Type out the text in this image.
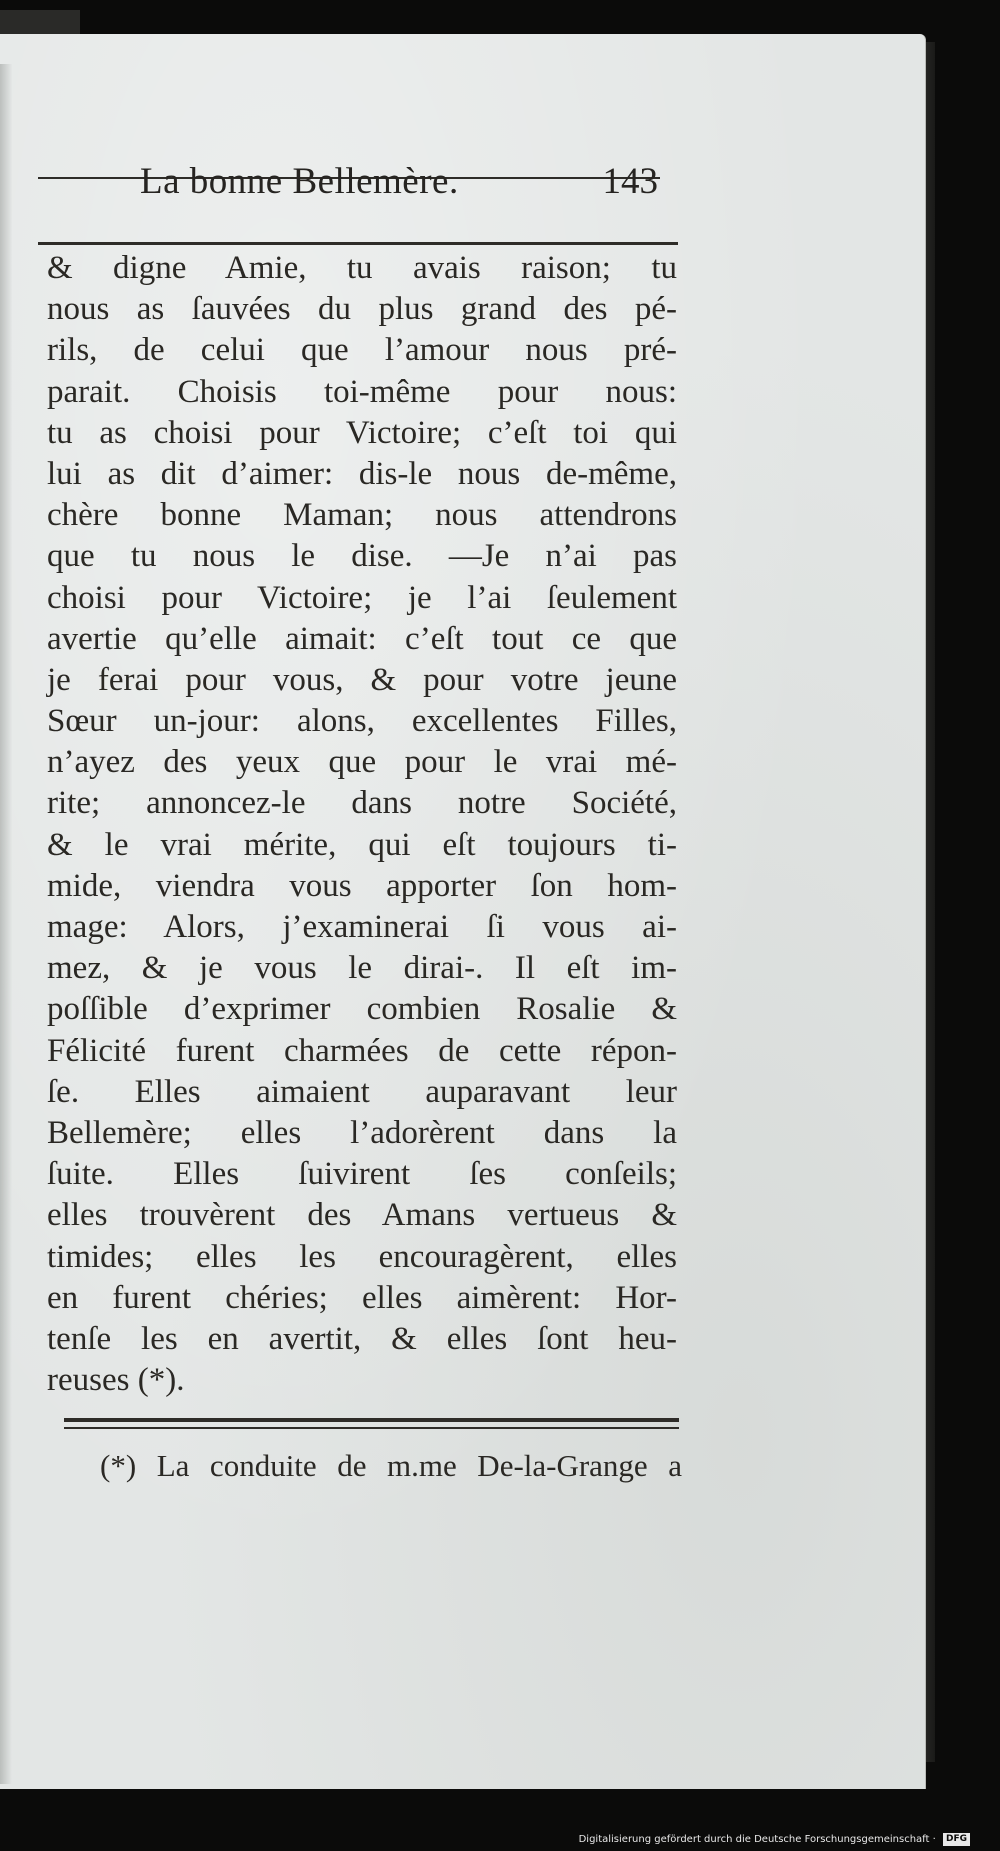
La bonne Bellemère.	143
& digne Amie, tu avais raison; tu
nous as ſauvées du plus grand des pé-
rils, de celui que l’amour nous pré-
parait. Choisis toi-même pour nous:
tu as choisi pour Victoire; c’eſt toi qui
lui as dit d’aimer: dis-le nous de-même,
chère bonne Maman; nous attendrons
que tu nous le dise. —Je n’ai pas
choisi pour Victoire; je l’ai ſeulement
avertie qu’elle aimait: c’eſt tout ce que
je ferai pour vous, & pour votre jeune
Sœur un-jour: alons, excellentes Filles,
n’ayez des yeux que pour le vrai mé-
rite; annoncez-le dans notre Société,
& le vrai mérite, qui eſt toujours ti-
mide, viendra vous apporter ſon hom-
mage: Alors, j’examinerai ſi vous ai-
mez, & je vous le dirai-. Il eſt im-
poſſible d’exprimer combien Rosalie &
Félicité furent charmées de cette répon-
ſe. Elles aimaient auparavant leur
Bellemère; elles l’adorèrent dans la
ſuite. Elles ſuivirent ſes conſeils;
elles trouvèrent des Amans vertueus &
timides; elles les encouragèrent, elles
en furent chéries; elles aimèrent: Hor-
tenſe les en avertit, & elles ſont heu-
reuses (*).
(*) La conduite de m.me De-la-Grange a
Digitalisierung gefördert durch die Deutsche Forschungsgemeinschaft · DFG
